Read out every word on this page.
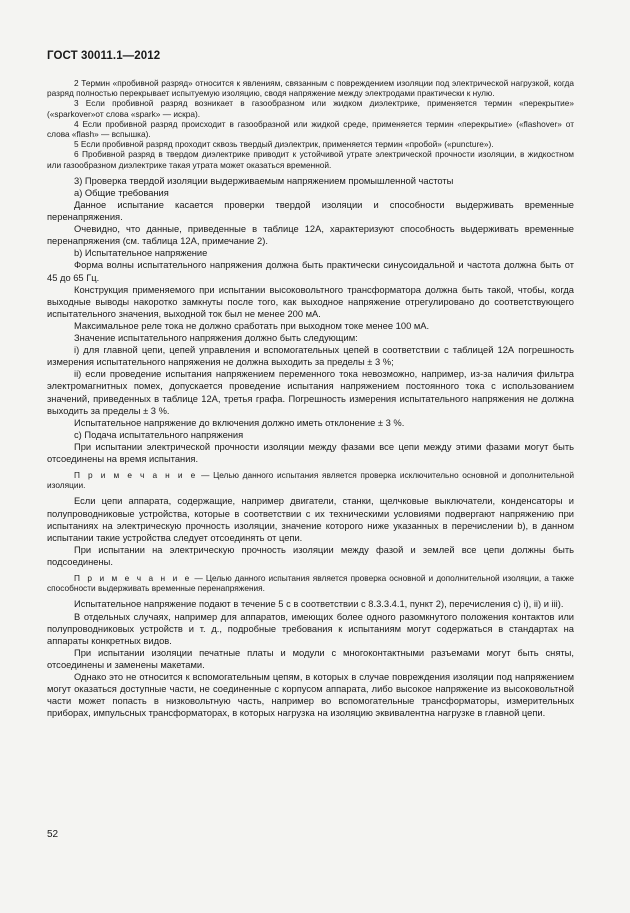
ГОСТ 30011.1—2012

2 Термин «пробивной разряд» относится к явлениям, связанным с повреждением изоляции под электрической нагрузкой, когда разряд полностью перекрывает испытуемую изоляцию, сводя напряжение между электродами практически к нулю.

3 Если пробивной разряд возникает в газообразном или жидком диэлектрике, применяется термин «перекрытие» («sparkover»от слова «spark» — искра).

4 Если пробивной разряд происходит в газообразной или жидкой среде, применяется термин «перекрытие» («flashover» от слова «flash» — вспышка).

5 Если пробивной разряд проходит сквозь твердый диэлектрик, применяется термин «пробой» («puncture»).

6 Пробивной разряд в твердом диэлектрике приводит к устойчивой утрате электрической прочности изоляции, в жидкостном или газообразном диэлектрике такая утрата может оказаться временной.

3) Проверка твердой изоляции выдерживаемым напряжением промышленной частоты

а) Общие требования

Данное испытание касается проверки твердой изоляции и способности выдерживать временные перенапряжения.

Очевидно, что данные, приведенные в таблице 12А, характеризуют способность выдерживать временные перенапряжения (см. таблица 12А, примечание 2).

b) Испытательное напряжение

Форма волны испытательного напряжения должна быть практически синусоидальной и частота должна быть от 45 до 65 Гц.

Конструкция применяемого при испытании высоковольтного трансформатора должна быть такой, чтобы, когда выходные выводы накоротко замкнуты после того, как выходное напряжение отрегулировано до соответствующего испытательного значения, выходной ток был не менее 200 мА.

Максимальное реле тока не должно сработать при выходном токе менее 100 мА.

Значение испытательного напряжения должно быть следующим:

i) для главной цепи, цепей управления и вспомогательных цепей в соответствии с таблицей 12А погрешность измерения испытательного напряжения не должна выходить за пределы ± 3 %;

ii) если проведение испытания напряжением переменного тока невозможно, например, из-за наличия фильтра электромагнитных помех, допускается проведение испытания напряжением постоянного тока с использованием значений, приведенных в таблице 12А, третья графа. Погрешность измерения испытательного напряжения не должна выходить за пределы ± 3 %.

Испытательное напряжение до включения должно иметь отклонение ± 3 %.

с) Подача испытательного напряжения

При испытании электрической прочности изоляции между фазами все цепи между этими фазами могут быть отсоединены на время испытания.

П р и м е ч а н и е — Целью данного испытания является проверка исключительно основной и дополнительной изоляции.

Если цепи аппарата, содержащие, например двигатели, станки, щелчковые выключатели, конденсаторы и полупроводниковые устройства, которые в соответствии с их техническими условиями подвергают напряжению при испытаниях на электрическую прочность изоляции, значение которого ниже указанных в перечислении b), в данном испытании такие устройства следует отсоединять от цепи.

При испытании на электрическую прочность изоляции между фазой и землей все цепи должны быть подсоединены.

П р и м е ч а н и е — Целью данного испытания является проверка основной и дополнительной изоляции, а также способности выдерживать временные перенапряжения.

Испытательное напряжение подают в течение 5 с в соответствии с 8.3.3.4.1, пункт 2), перечисления с) i), ii) и iii).

В отдельных случаях, например для аппаратов, имеющих более одного разомкнутого положения контактов или полупроводниковых устройств и т. д., подробные требования к испытаниям могут содержаться в стандартах на аппараты конкретных видов.

При испытании изоляции печатные платы и модули с многоконтактными разъемами могут быть сняты, отсоединены и заменены макетами.

Однако это не относится к вспомогательным цепям, в которых в случае повреждения изоляции под напряжением могут оказаться доступные части, не соединенные с корпусом аппарата, либо высокое напряжение из высоковольтной части может попасть в низковольтную часть, например во вспомогательные трансформаторы, измерительных приборах, импульсных трансформаторах, в которых нагрузка на изоляцию эквивалентна нагрузке в главной цепи.

52
